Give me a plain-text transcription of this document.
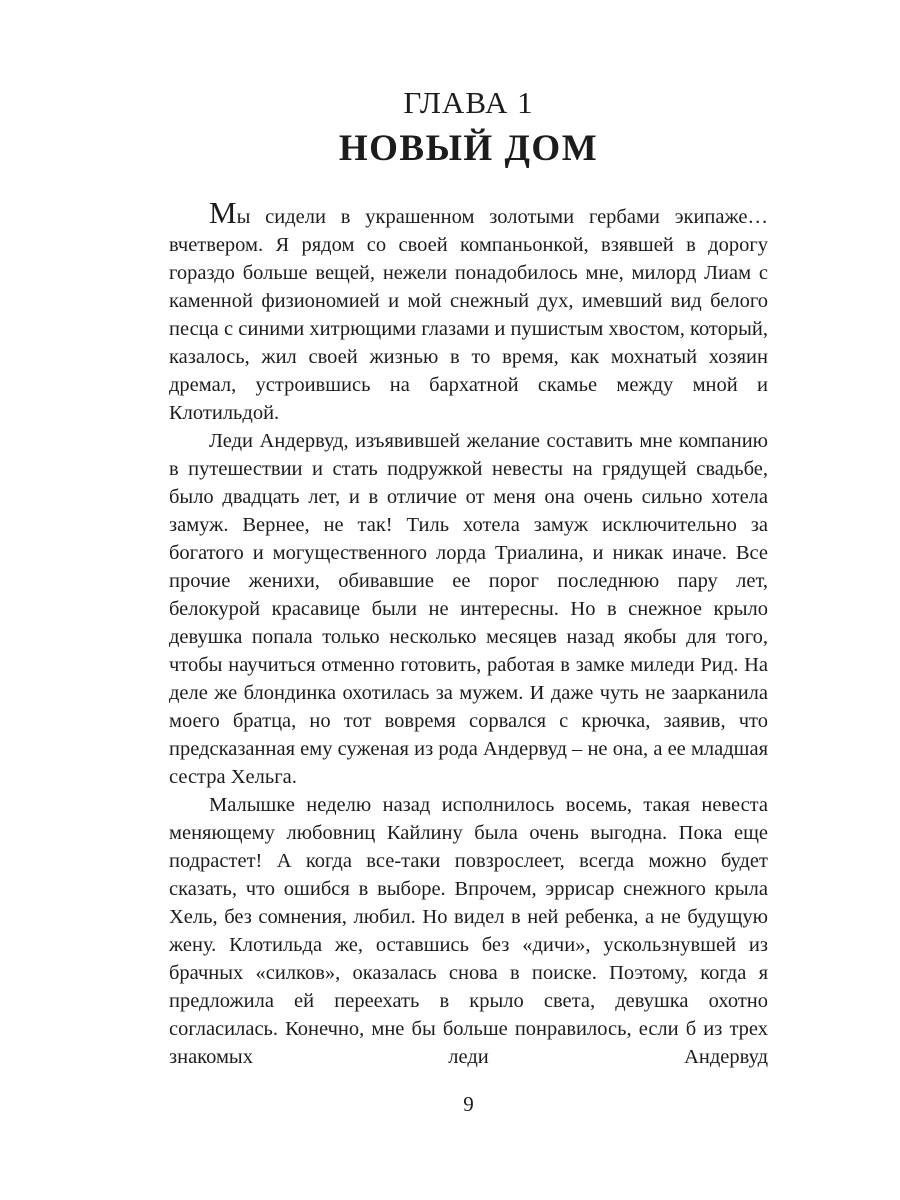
ГЛАВА 1
НОВЫЙ ДОМ

Мы сидели в украшенном золотыми гербами экипаже… вчетвером. Я рядом со своей компаньонкой, взявшей в дорогу гораздо больше вещей, нежели понадобилось мне, милорд Лиам с каменной физиономией и мой снежный дух, имевший вид белого песца с синими хитрющими глазами и пушистым хвостом, который, казалось, жил своей жизнью в то время, как мохнатый хозяин дремал, устроившись на бархатной скамье между мной и Клотильдой.

Леди Андервуд, изъявившей желание составить мне компанию в путешествии и стать подружкой невесты на грядущей свадьбе, было двадцать лет, и в отличие от меня она очень сильно хотела замуж. Вернее, не так! Тиль хотела замуж исключительно за богатого и могущественного лорда Триалина, и никак иначе. Все прочие женихи, обивавшие ее порог последнюю пару лет, белокурой красавице были не интересны. Но в снежное крыло девушка попала только несколько месяцев назад якобы для того, чтобы научиться отменно готовить, работая в замке миледи Рид. На деле же блондинка охотилась за мужем. И даже чуть не заарканила моего братца, но тот вовремя сорвался с крючка, заявив, что предсказанная ему суженая из рода Андервуд – не она, а ее младшая сестра Хельга.

Малышке неделю назад исполнилось восемь, такая невеста меняющему любовниц Кайлину была очень выгодна. Пока еще подрастет! А когда все-таки повзрослеет, всегда можно будет сказать, что ошибся в выборе. Впрочем, эррисар снежного крыла Хель, без сомнения, любил. Но видел в ней ребенка, а не будущую жену. Клотильда же, оставшись без «дичи», ускользнувшей из брачных «силков», оказалась снова в поиске. Поэтому, когда я предложила ей переехать в крыло света, девушка охотно согласилась. Конечно, мне бы больше понравилось, если б из трех знакомых леди Андервуд

9
